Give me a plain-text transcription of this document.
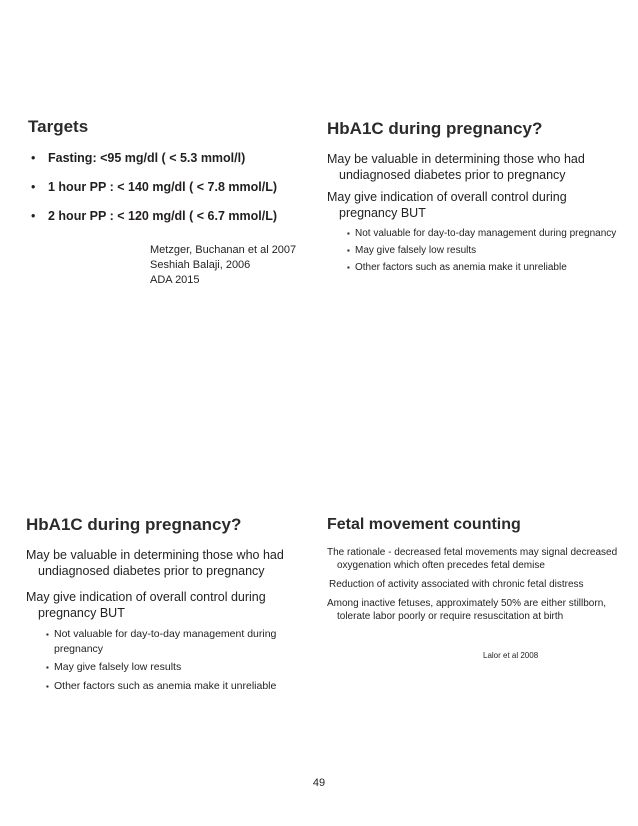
Targets
• Fasting: <95 mg/dl ( < 5.3 mmol/l)
• 1 hour PP : < 140 mg/dl ( < 7.8 mmol/L)
• 2 hour PP : < 120 mg/dl ( < 6.7 mmol/L)
Metzger, Buchanan et al 2007
Seshiah Balaji, 2006
ADA 2015
HbA1C during pregnancy?

May be valuable in determining those who had undiagnosed diabetes prior to pregnancy

May give indication of overall control during pregnancy BUT

▪ Not valuable for day-to-day management during pregnancy
▪ May give falsely low results
▪ Other factors such as anemia make it unreliable
HbA1C during pregnancy?

May be valuable in determining those who had undiagnosed diabetes prior to pregnancy

May give indication of overall control during pregnancy BUT

▪ Not valuable for day-to-day management during pregnancy
▪ May give falsely low results
▪ Other factors such as anemia make it unreliable
Fetal movement counting

The rationale - decreased fetal movements may signal decreased oxygenation which often precedes fetal demise

Reduction of activity associated with chronic fetal distress

Among inactive fetuses, approximately 50% are either stillborn, tolerate labor poorly or require resuscitation at birth

Lalor et al 2008
49
